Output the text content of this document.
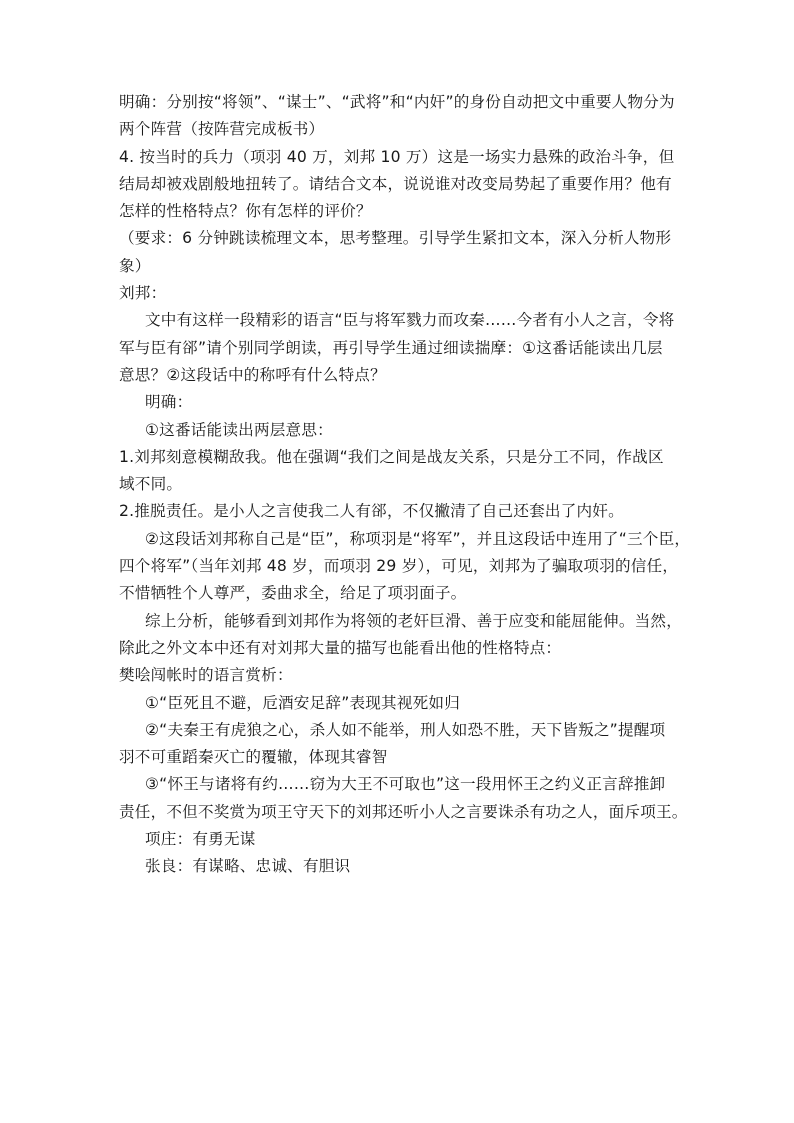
明确：分别按“将领”、“谋士”、“武将”和“内奸”的身份自动把文中重要人物分为
两个阵营（按阵营完成板书）
4. 按当时的兵力（项羽 40 万，刘邦 10 万）这是一场实力悬殊的政治斗争，但
结局却被戏剧般地扭转了。请结合文本，说说谁对改变局势起了重要作用？他有
怎样的性格特点？你有怎样的评价？
（要求：6 分钟跳读梳理文本，思考整理。引导学生紧扣文本，深入分析人物形
象）
刘邦：
文中有这样一段精彩的语言“臣与将军戮力而攻秦……今者有小人之言，令将
军与臣有郤”请个别同学朗读，再引导学生通过细读揣摩：①这番话能读出几层
意思？②这段话中的称呼有什么特点？
明确：
①这番话能读出两层意思：
1.刘邦刻意模糊敌我。他在强调“我们之间是战友关系，只是分工不同，作战区
域不同。
2.推脱责任。是小人之言使我二人有郤，不仅撇清了自己还套出了内奸。
②这段话刘邦称自己是“臣”，称项羽是“将军”，并且这段话中连用了“三个臣，
四个将军”（当年刘邦 48 岁，而项羽 29 岁），可见，刘邦为了骗取项羽的信任，
不惜牺牲个人尊严，委曲求全，给足了项羽面子。
综上分析，能够看到刘邦作为将领的老奸巨滑、善于应变和能屈能伸。当然，
除此之外文本中还有对刘邦大量的描写也能看出他的性格特点：
樊哙闯帐时的语言赏析：
①“臣死且不避，卮酒安足辞”表现其视死如归
②“夫秦王有虎狼之心，杀人如不能举，刑人如恐不胜，天下皆叛之”提醒项
羽不可重蹈秦灭亡的覆辙，体现其睿智
③“怀王与诸将有约……窃为大王不可取也”这一段用怀王之约义正言辞推卸
责任，不但不奖赏为项王守天下的刘邦还听小人之言要诛杀有功之人，面斥项王。
项庄：有勇无谋
张良：有谋略、忠诚、有胆识
